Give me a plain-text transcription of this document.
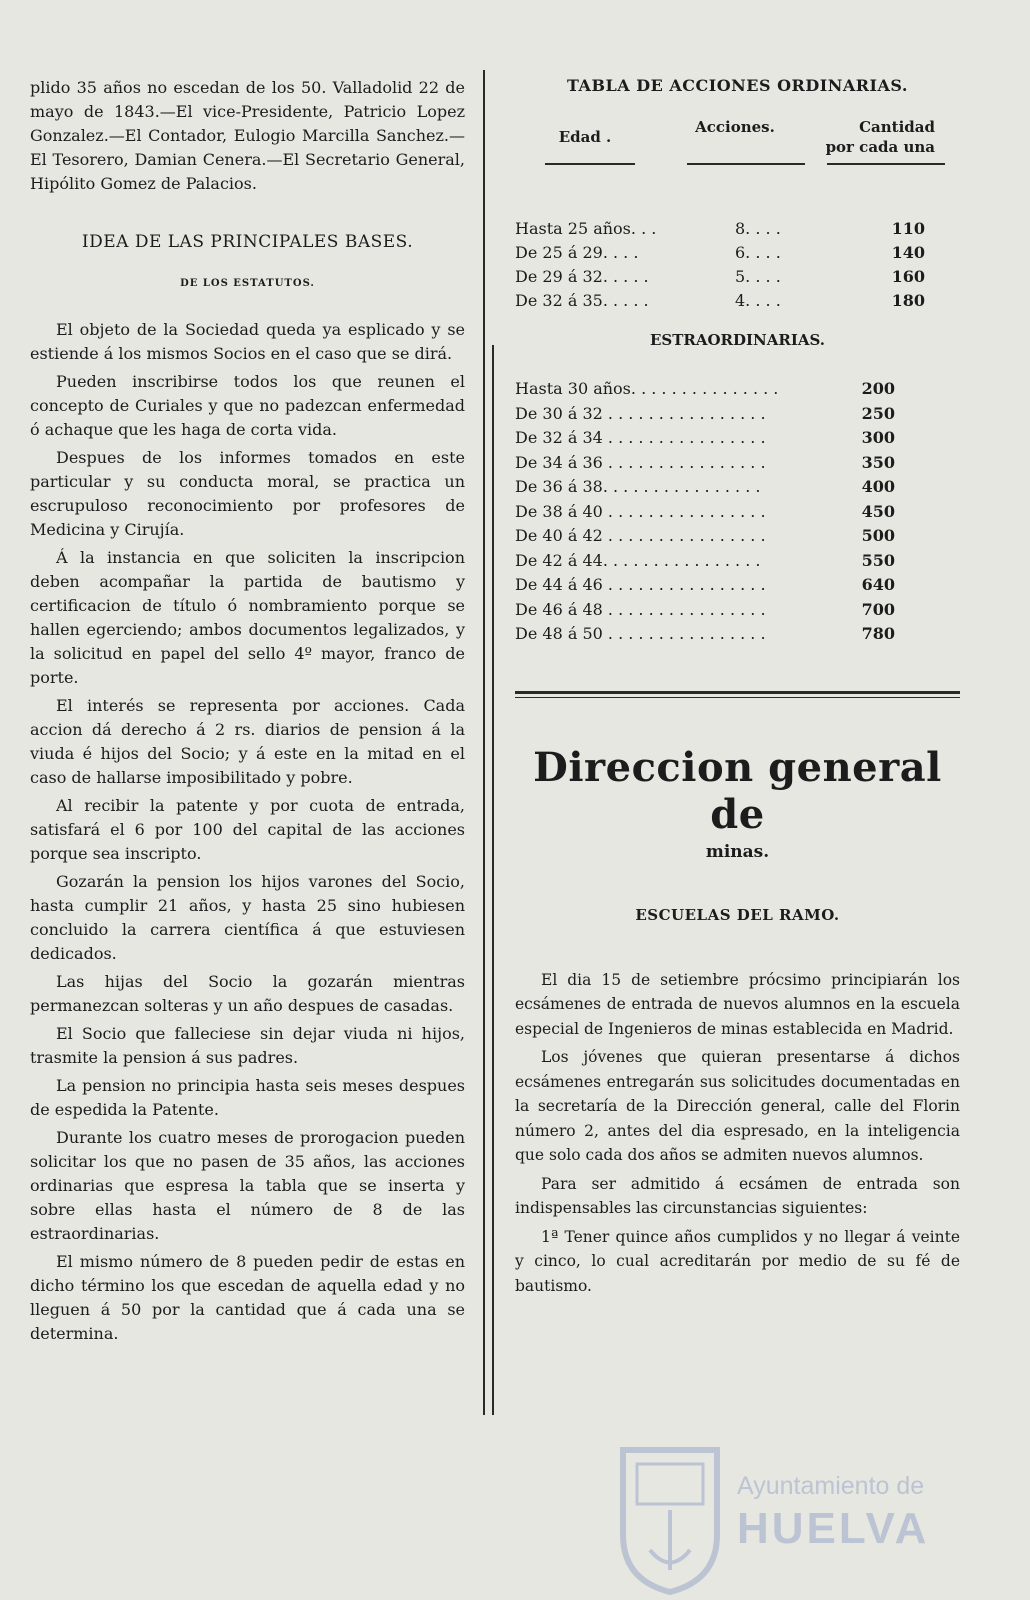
plido 35 años no escedan de los 50. Valladolid 22 de mayo de 1843.—El vice-Presidente, Patricio Lopez Gonzalez.—El Contador, Eulogio Marcilla Sanchez.—El Tesorero, Damian Cenera.—El Secretario General, Hipólito Gomez de Palacios.

IDEA DE LAS PRINCIPALES BASES.
DE LOS ESTATUTOS.

El objeto de la Sociedad queda ya esplicado y se estiende á los mismos Socios en el caso que se dirá.

Pueden inscribirse todos los que reunen el concepto de Curiales y que no padezcan enfermedad ó achaque que les haga de corta vida.

Despues de los informes tomados en este particular y su conducta moral, se practica un escrupuloso reconocimiento por profesores de Medicina y Cirujía.

Á la instancia en que soliciten la inscripcion deben acompañar la partida de bautismo y certificacion de título ó nombramiento porque se hallen egerciendo; ambos documentos legalizados, y la solicitud en papel del sello 4º mayor, franco de porte.

El interés se representa por acciones. Cada accion dá derecho á 2 rs. diarios de pension á la viuda é hijos del Socio; y á este en la mitad en el caso de hallarse imposibilitado y pobre.

Al recibir la patente y por cuota de entrada, satisfará el 6 por 100 del capital de las acciones porque sea inscripto.

Gozarán la pension los hijos varones del Socio, hasta cumplir 21 años, y hasta 25 sino hubiesen concluido la carrera científica á que estuviesen dedicados.

Las hijas del Socio la gozarán mientras permanezcan solteras y un año despues de casadas.

El Socio que falleciese sin dejar viuda ni hijos, trasmite la pension á sus padres.

La pension no principia hasta seis meses despues de espedida la Patente.

Durante los cuatro meses de prorogacion pueden solicitar los que no pasen de 35 años, las acciones ordinarias que espresa la tabla que se inserta y sobre ellas hasta el número de 8 de las estraordinarias.

El mismo número de 8 pueden pedir de estas en dicho término los que escedan de aquella edad y no lleguen á 50 por la cantidad que á cada una se determina.

TABLA DE ACCIONES ORDINARIAS.
Edad .
Acciones.	Cantidad
por cada una
Hasta 25 años. . .	8. . . .	110
De 25 á 29. . . .	6. . . .	140
De 29 á 32. . . . .	5. . . .	160
De 32 á 35. . . . .	4. . . .	180
ESTRAORDINARIAS.
Hasta 30 años. . . . . . . . . . . . . . .	200
De 30 á 32 . . . . . . . . . . . . . . . .	250
De 32 á 34 . . . . . . . . . . . . . . . .	300
De 34 á 36 . . . . . . . . . . . . . . . .	350
De 36 á 38. . . . . . . . . . . . . . . .	400
De 38 á 40 . . . . . . . . . . . . . . . .	450
De 40 á 42 . . . . . . . . . . . . . . . .	500
De 42 á 44. . . . . . . . . . . . . . . .	550
De 44 á 46 . . . . . . . . . . . . . . . .	640
De 46 á 48 . . . . . . . . . . . . . . . .	700
De 48 á 50 . . . . . . . . . . . . . . . .	780
Direccion general de
minas.
ESCUELAS DEL RAMO.

El dia 15 de setiembre prócsimo principiarán los ecsámenes de entrada de nuevos alumnos en la escuela especial de Ingenieros de minas establecida en Madrid.

Los jóvenes que quieran presentarse á dichos ecsámenes entregarán sus solicitudes documentadas en la secretaría de la Dirección general, calle del Florin número 2, antes del dia espresado, en la inteligencia que solo cada dos años se admiten nuevos alumnos.

Para ser admitido á ecsámen de entrada son indispensables las circunstancias siguientes:

1ª Tener quince años cumplidos y no llegar á veinte y cinco, lo cual acreditarán por medio de su fé de bautismo.

Ayuntamiento de
HUELVA
